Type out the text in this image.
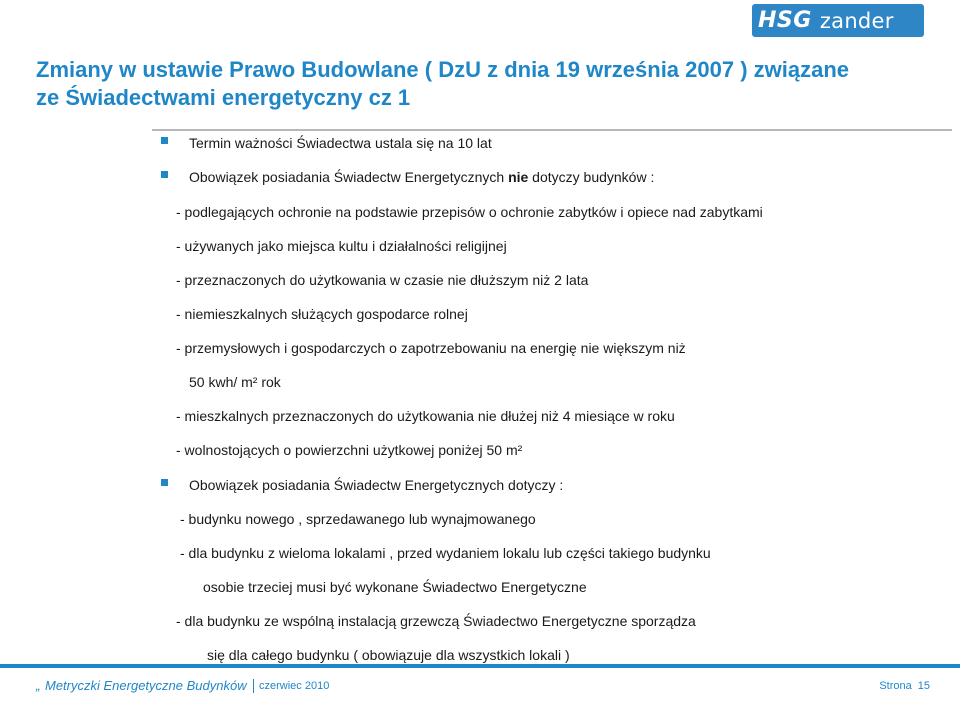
HSG zander
Zmiany w ustawie Prawo Budowlane ( DzU z dnia 19 września 2007 ) związane
ze Świadectwami energetyczny cz 1
Termin ważności Świadectwa ustala się na 10 lat
Obowiązek posiadania Świadectw Energetycznych nie dotyczy budynków :
- podlegających ochronie na podstawie przepisów o ochronie zabytków i opiece nad zabytkami
- używanych jako miejsca kultu i działalności religijnej
- przeznaczonych do użytkowania w czasie nie dłuższym niż 2 lata
- niemieszkalnych służących gospodarce rolnej
- przemysłowych i gospodarczych o zapotrzebowaniu na energię nie większym niż
50 kwh/ m² rok
- mieszkalnych przeznaczonych do użytkowania nie dłużej niż 4 miesiące w roku
- wolnostojących o powierzchni użytkowej poniżej 50 m²
Obowiązek posiadania Świadectw Energetycznych dotyczy :
- budynku nowego , sprzedawanego lub wynajmowanego
- dla budynku z wieloma lokalami , przed wydaniem lokalu lub części takiego budynku
osobie trzeciej musi być wykonane Świadectwo Energetyczne
- dla budynku ze wspólną instalacją grzewczą Świadectwo Energetyczne sporządza
się dla całego budynku ( obowiązuje dla wszystkich lokali )
„ Metryczki Energetyczne Budynków czerwiec 2010	Strona 15
